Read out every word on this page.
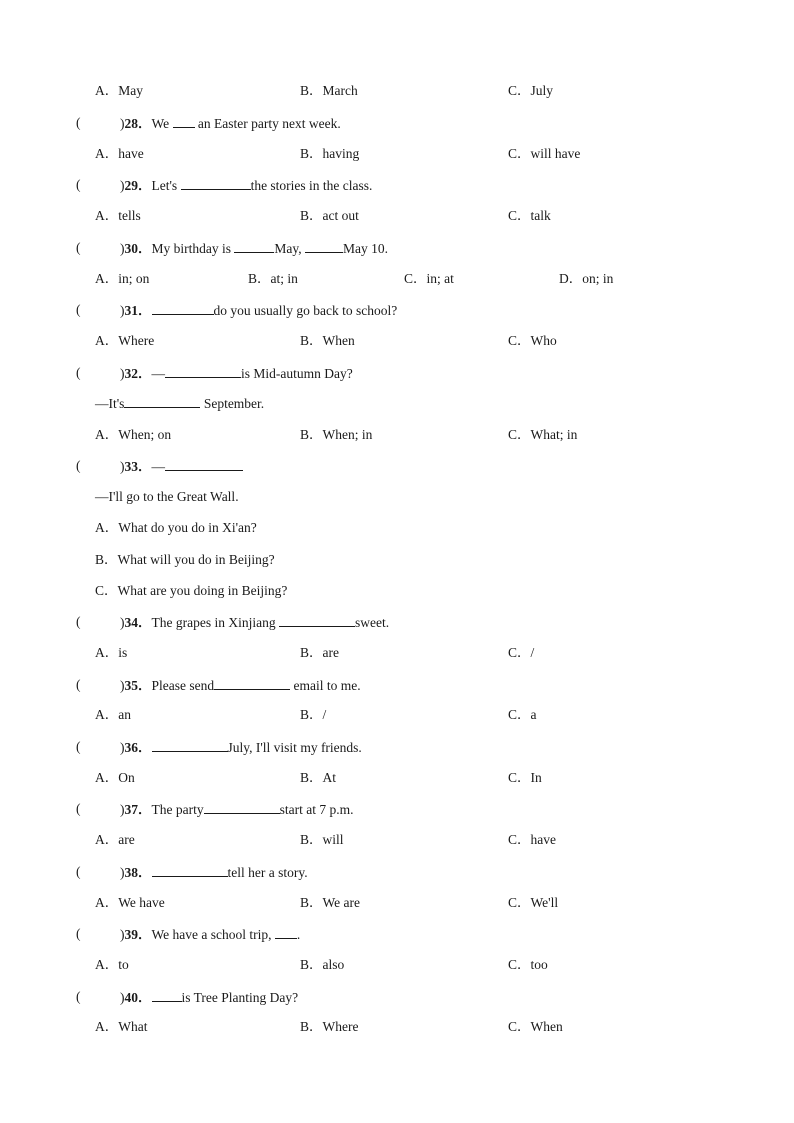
A．May	B．March	C．July
(	)28．We  an Easter party next week.
A．have	B．having	C．will have
(	)29．Let's	the stories in the class.
A．tells	B．act out	C．talk
(	)30．My birthday is	May,	May 10.
A．in; on	B．at; in	C．in; at	D．on; in
(	)31．	do you usually go back to school?
A．Where	B．When	C．Who
(	)32．—	is Mid-autumn Day?
—It's	September.
A．When; on	B．When; in	C．What; in
(	)33．—
—I'll go to the Great Wall.
A．What do you do in Xi'an?
B．What will you do in Beijing?
C．What are you doing in Beijing?
(	)34．The grapes in Xinjiang	sweet.
A．is	B．are	C．/
(	)35．Please send	email to me.
A．an	B．/	C．a
(	)36．	July, I'll visit my friends.
A．On	B．At	C．In
(	)37．The party	start at 7 p.m.
A．are	B．will	C．have
(	)38．	tell her a story.
A．We have	B．We are	C．We'll
(	)39．We have a school trip, .
A．to	B．also	C．too
(	)40． is Tree Planting Day?
A．What	B．Where	C．When
